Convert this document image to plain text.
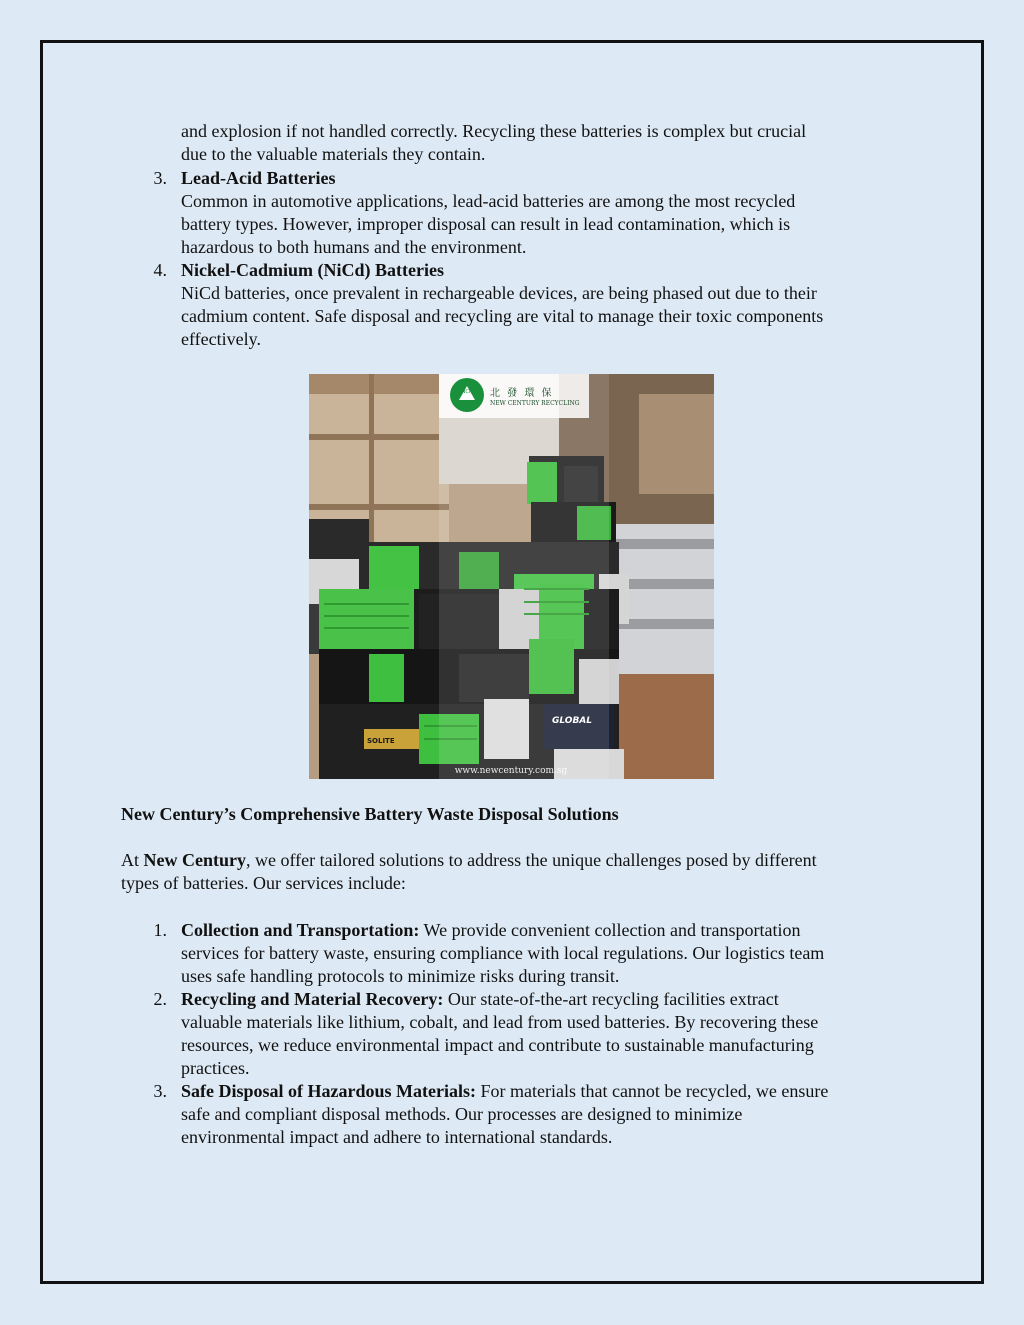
and explosion if not handled correctly. Recycling these batteries is complex but crucial
due to the valuable materials they contain.
3. Lead-Acid Batteries
Common in automotive applications, lead-acid batteries are among the most recycled
battery types. However, improper disposal can result in lead contamination, which is
hazardous to both humans and the environment.
4. Nickel-Cadmium (NiCd) Batteries
NiCd batteries, once prevalent in rechargeable devices, are being phased out due to their
cadmium content. Safe disposal and recycling are vital to manage their toxic components
effectively.
NCR 北 發 環 保
NEW CENTURY RECYCLING
GLOBAL
SOLITE
www.newcentury.com.sg
New Century’s Comprehensive Battery Waste Disposal Solutions
At New Century, we offer tailored solutions to address the unique challenges posed by different
types of batteries. Our services include:
1. Collection and Transportation: We provide convenient collection and transportation
services for battery waste, ensuring compliance with local regulations. Our logistics team
uses safe handling protocols to minimize risks during transit.
2. Recycling and Material Recovery: Our state-of-the-art recycling facilities extract
valuable materials like lithium, cobalt, and lead from used batteries. By recovering these
resources, we reduce environmental impact and contribute to sustainable manufacturing
practices.
3. Safe Disposal of Hazardous Materials: For materials that cannot be recycled, we ensure
safe and compliant disposal methods. Our processes are designed to minimize
environmental impact and adhere to international standards.
